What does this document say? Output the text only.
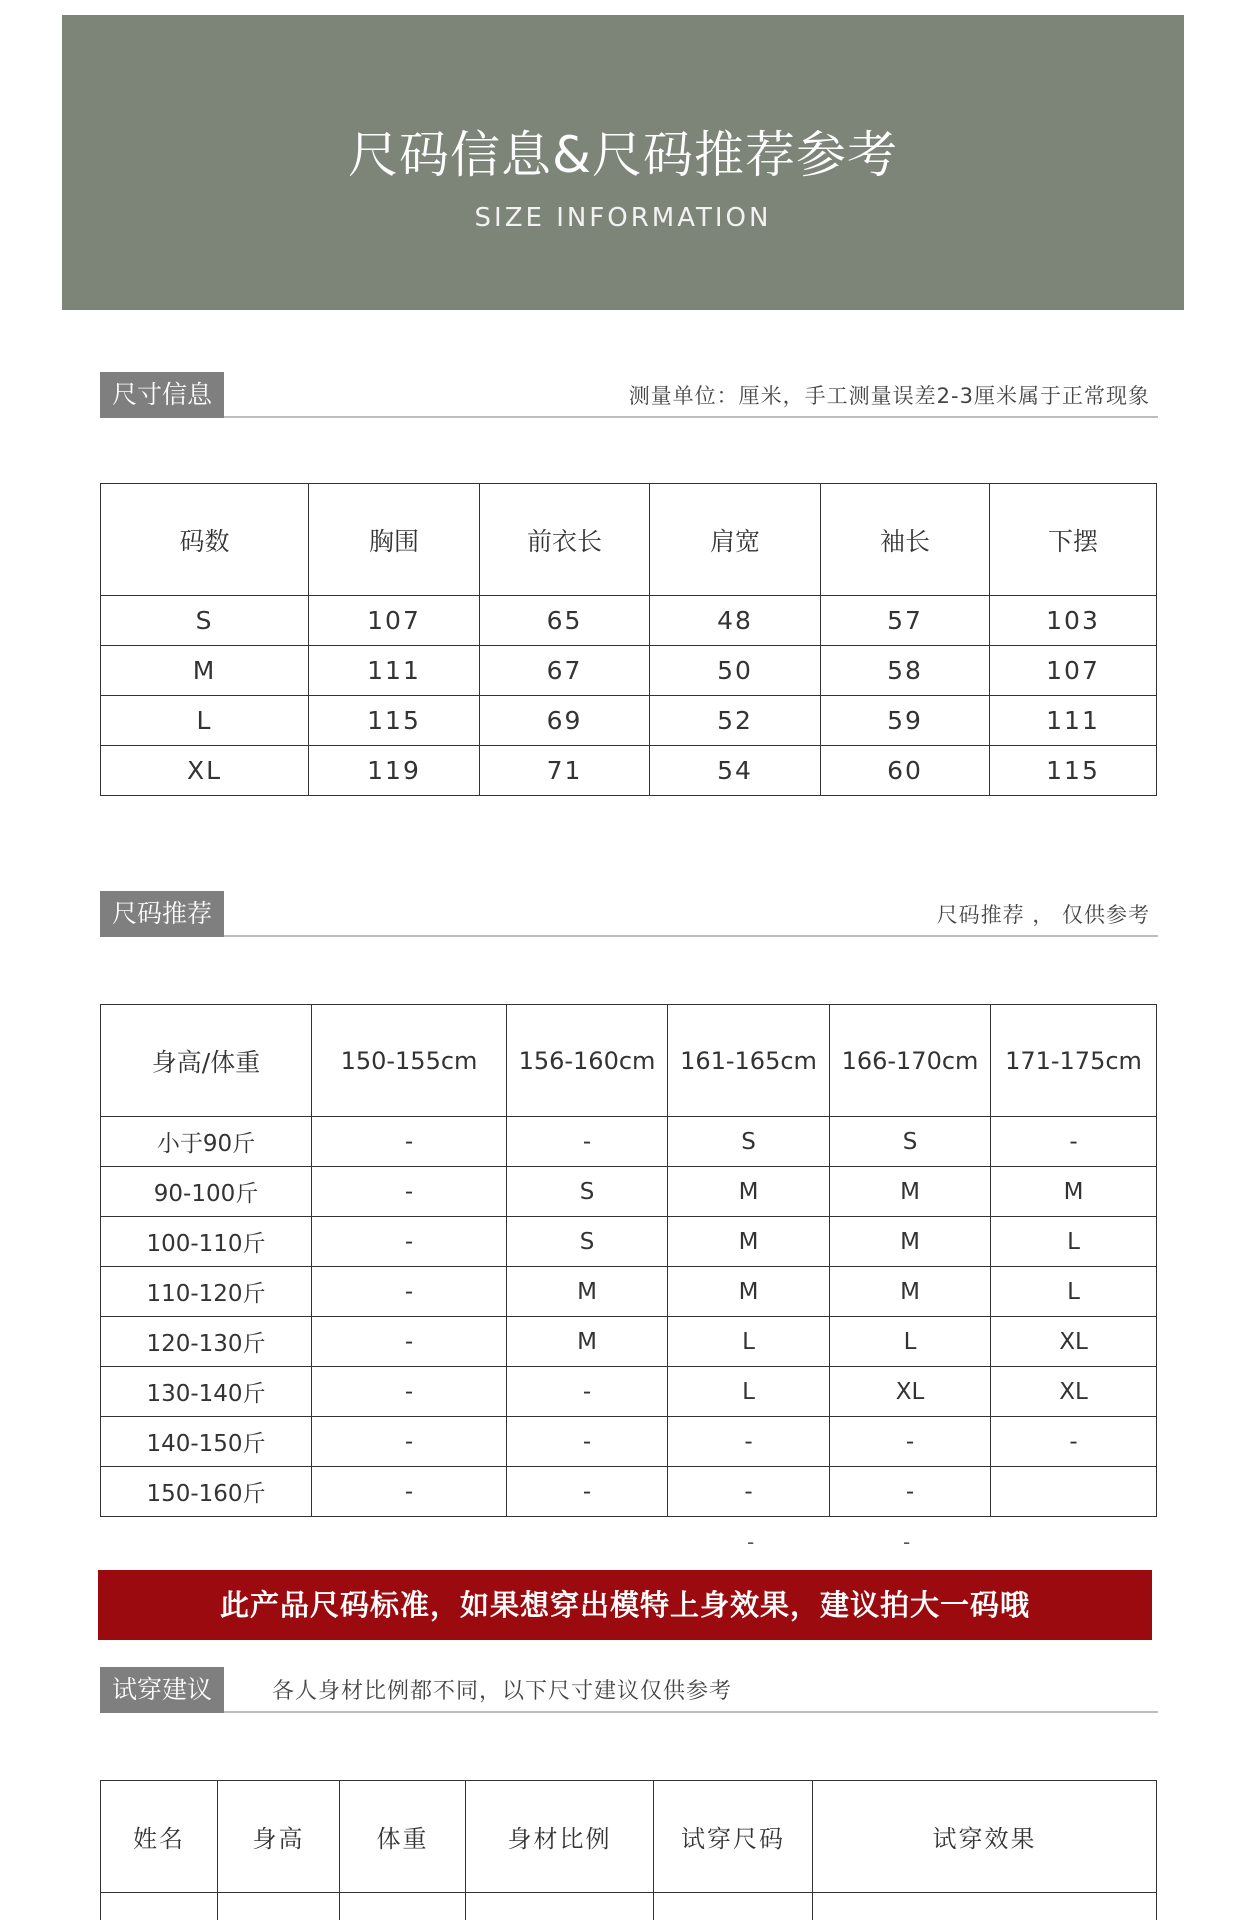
尺码信息&尺码推荐参考
SIZE INFORMATION
尺寸信息	测量单位：厘米，手工测量误差2-3厘米属于正常现象
码数	胸围	前衣长	肩宽	袖长	下摆
S	107	65	48	57	103
M	111	67	50	58	107
L	115	69	52	59	111
XL	119	71	54	60	115
尺码推荐	尺码推荐 ， 仅供参考
身高/体重	150-155cm	156-160cm	161-165cm	166-170cm	171-175cm
小于90斤	-	-	S	S	-
90-100斤	-	S	M	M	M
100-110斤	-	S	M	M	L
110-120斤	-	M	M	M	L
120-130斤	-	M	L	L	XL
130-140斤	-	-	L	XL	XL
140-150斤	-	-	-	-	-
150-160斤	-	-	-	-	
-	-
此产品尺码标准，如果想穿出模特上身效果，建议拍大一码哦
试穿建议	各人身材比例都不同，以下尺寸建议仅供参考
姓名	身高	体重	身材比例	试穿尺码	试穿效果
